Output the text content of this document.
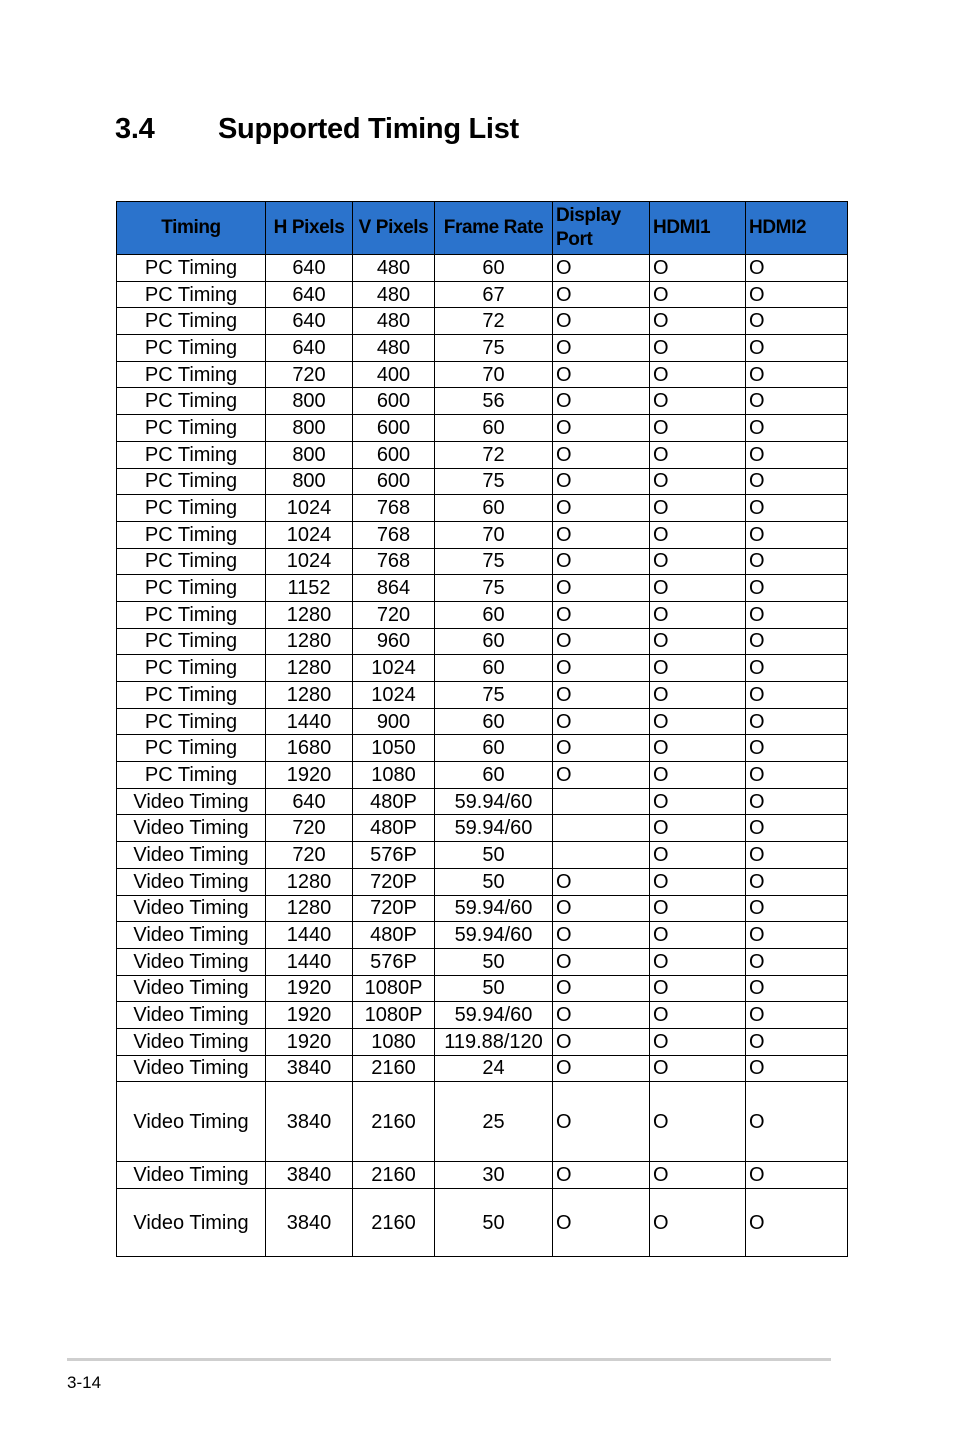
3.4 Supported Timing List
Timing	H Pixels	V Pixels	Frame Rate	Display Port	HDMI1	HDMI2
PC Timing	640	480	60	O	O	O
PC Timing	640	480	67	O	O	O
PC Timing	640	480	72	O	O	O
PC Timing	640	480	75	O	O	O
PC Timing	720	400	70	O	O	O
PC Timing	800	600	56	O	O	O
PC Timing	800	600	60	O	O	O
PC Timing	800	600	72	O	O	O
PC Timing	800	600	75	O	O	O
PC Timing	1024	768	60	O	O	O
PC Timing	1024	768	70	O	O	O
PC Timing	1024	768	75	O	O	O
PC Timing	1152	864	75	O	O	O
PC Timing	1280	720	60	O	O	O
PC Timing	1280	960	60	O	O	O
PC Timing	1280	1024	60	O	O	O
PC Timing	1280	1024	75	O	O	O
PC Timing	1440	900	60	O	O	O
PC Timing	1680	1050	60	O	O	O
PC Timing	1920	1080	60	O	O	O
Video Timing	640	480P	59.94/60		O	O
Video Timing	720	480P	59.94/60		O	O
Video Timing	720	576P	50		O	O
Video Timing	1280	720P	50	O	O	O
Video Timing	1280	720P	59.94/60	O	O	O
Video Timing	1440	480P	59.94/60	O	O	O
Video Timing	1440	576P	50	O	O	O
Video Timing	1920	1080P	50	O	O	O
Video Timing	1920	1080P	59.94/60	O	O	O
Video Timing	1920	1080	119.88/120	O	O	O
Video Timing	3840	2160	24	O	O	O
Video Timing	3840	2160	25	O	O	O
Video Timing	3840	2160	30	O	O	O
Video Timing	3840	2160	50	O	O	O
3-14
